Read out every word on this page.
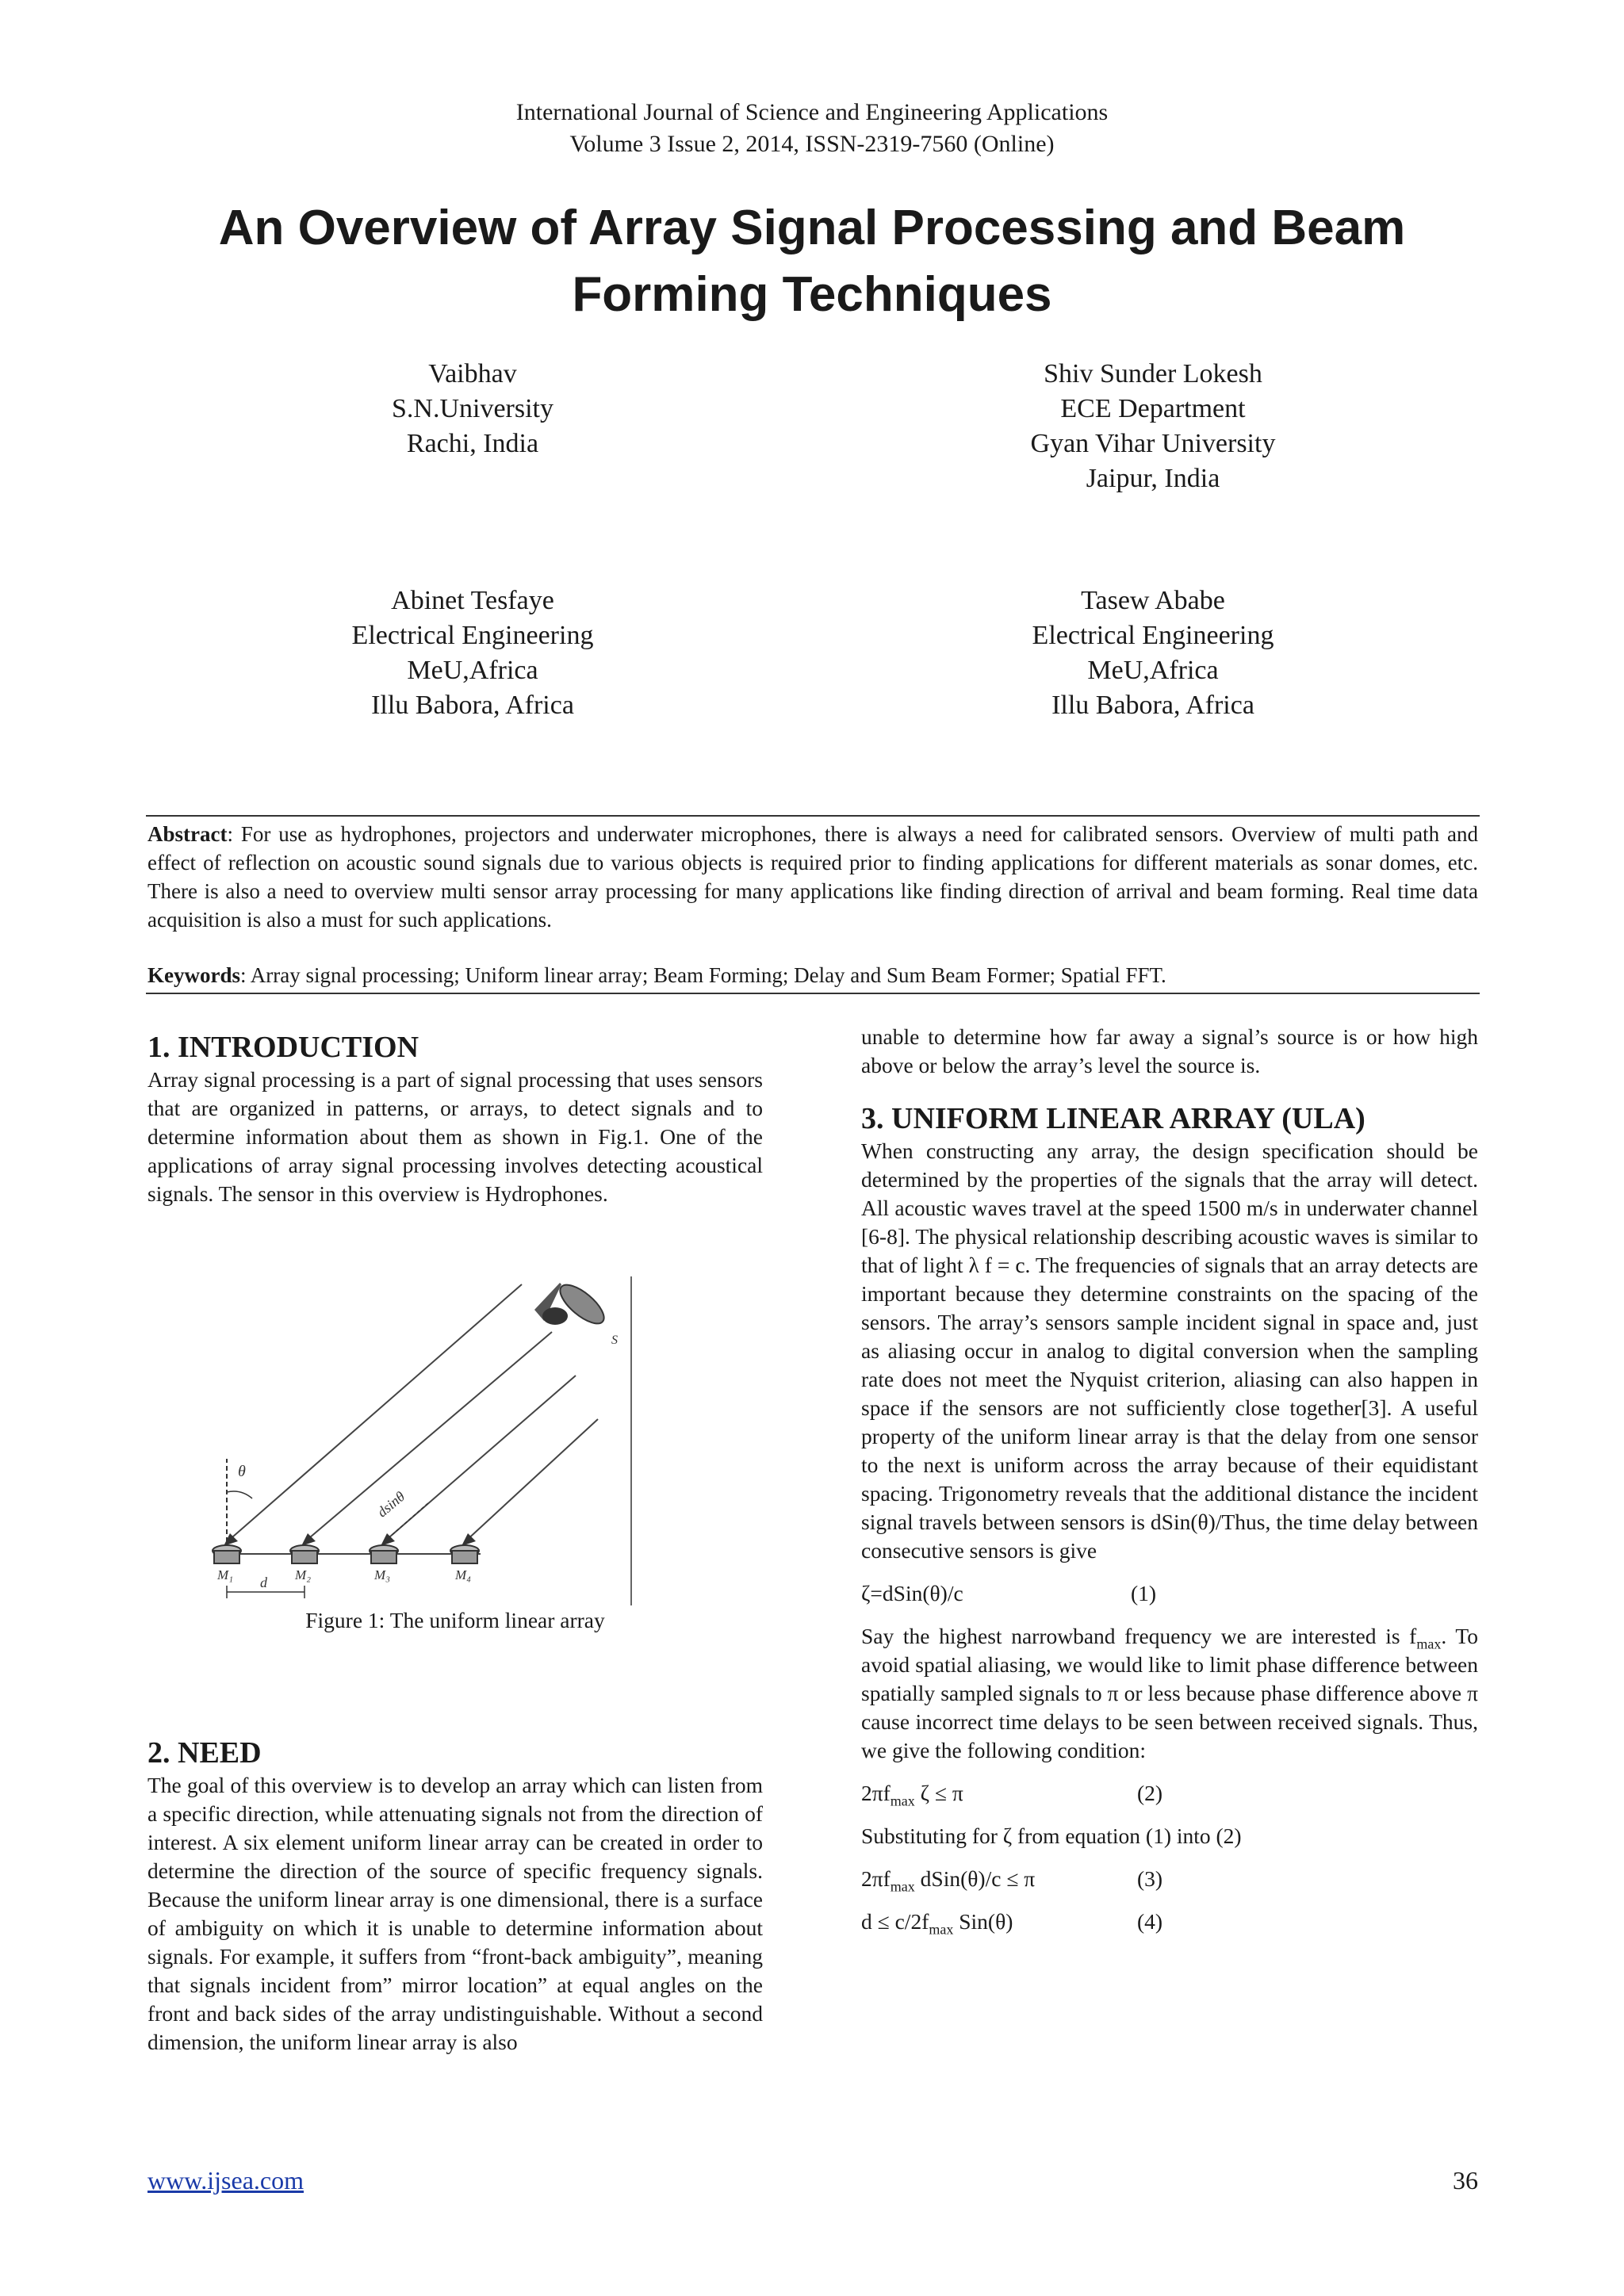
International Journal of Science and Engineering Applications
Volume 3 Issue 2, 2014, ISSN-2319-7560 (Online)
An Overview of Array Signal Processing and Beam
Forming Techniques
Vaibhav
S.N.University
Rachi, India
Shiv Sunder Lokesh
ECE Department
Gyan Vihar University
Jaipur, India
Abinet Tesfaye
Electrical Engineering
MeU,Africa
Illu Babora, Africa
Tasew Ababe
Electrical Engineering
MeU,Africa
Illu Babora, Africa
Abstract: For use as hydrophones, projectors and underwater microphones, there is always a need for calibrated sensors. Overview of multi path and effect of reflection on acoustic sound signals due to various objects is required prior to finding applications for different materials as sonar domes, etc. There is also a need to overview multi sensor array processing for many applications like finding direction of arrival and beam forming. Real time data acquisition is also a must for such applications.
Keywords: Array signal processing; Uniform linear array; Beam Forming; Delay and Sum Beam Former; Spatial FFT.
1. INTRODUCTION

Array signal processing is a part of signal processing that uses sensors that are organized in patterns, or arrays, to detect signals and to determine information about them as shown in Fig.1. One of the applications of array signal processing involves detecting acoustical signals. The sensor in this overview is Hydrophones.

S
θ
dsinθ
M₁	M₂	M₃	M₄
d
Figure 1: The uniform linear array
2. NEED

The goal of this overview is to develop an array which can listen from a specific direction, while attenuating signals not from the direction of interest. A six element uniform linear array can be created in order to determine the direction of the source of specific frequency signals. Because the uniform linear array is one dimensional, there is a surface of ambiguity on which it is unable to determine information about signals. For example, it suffers from “front-back ambiguity”, meaning that signals incident from” mirror location” at equal angles on the front and back sides of the array undistinguishable. Without a second dimension, the uniform linear array is also

unable to determine how far away a signal’s source is or how high above or below the array’s level the source is.

3. UNIFORM LINEAR ARRAY (ULA)

When constructing any array, the design specification should be determined by the properties of the signals that the array will detect. All acoustic waves travel at the speed 1500 m/s in underwater channel [6-8]. The physical relationship describing acoustic waves is similar to that of light λ f = c. The frequencies of signals that an array detects are important because they determine constraints on the spacing of the sensors. The array’s sensors sample incident signal in space and, just as aliasing occur in analog to digital conversion when the sampling rate does not meet the Nyquist criterion, aliasing can also happen in space if the sensors are not sufficiently close together[3]. A useful property of the uniform linear array is that the delay from one sensor to the next is uniform across the array because of their equidistant spacing. Trigonometry reveals that the additional distance the incident signal travels between sensors is dSin(θ)/Thus, the time delay between consecutive sensors is give

ζ=dSin(θ)/c	(1)

Say the highest narrowband frequency we are interested is $f_{max}$. To avoid spatial aliasing, we would like to limit phase difference between spatially sampled signals to π or less because phase difference above π cause incorrect time delays to be seen between received signals. Thus, we give the following condition:

$2\pi f_{max}$ ζ ≤ π	(2)

Substituting for ζ from equation (1) into (2)

$2\pi f_{max}$ dSin(θ)/c ≤ π	(3)
$d \le c/2f_{max}$ Sin(θ)	(4)
www.ijsea.com	36
